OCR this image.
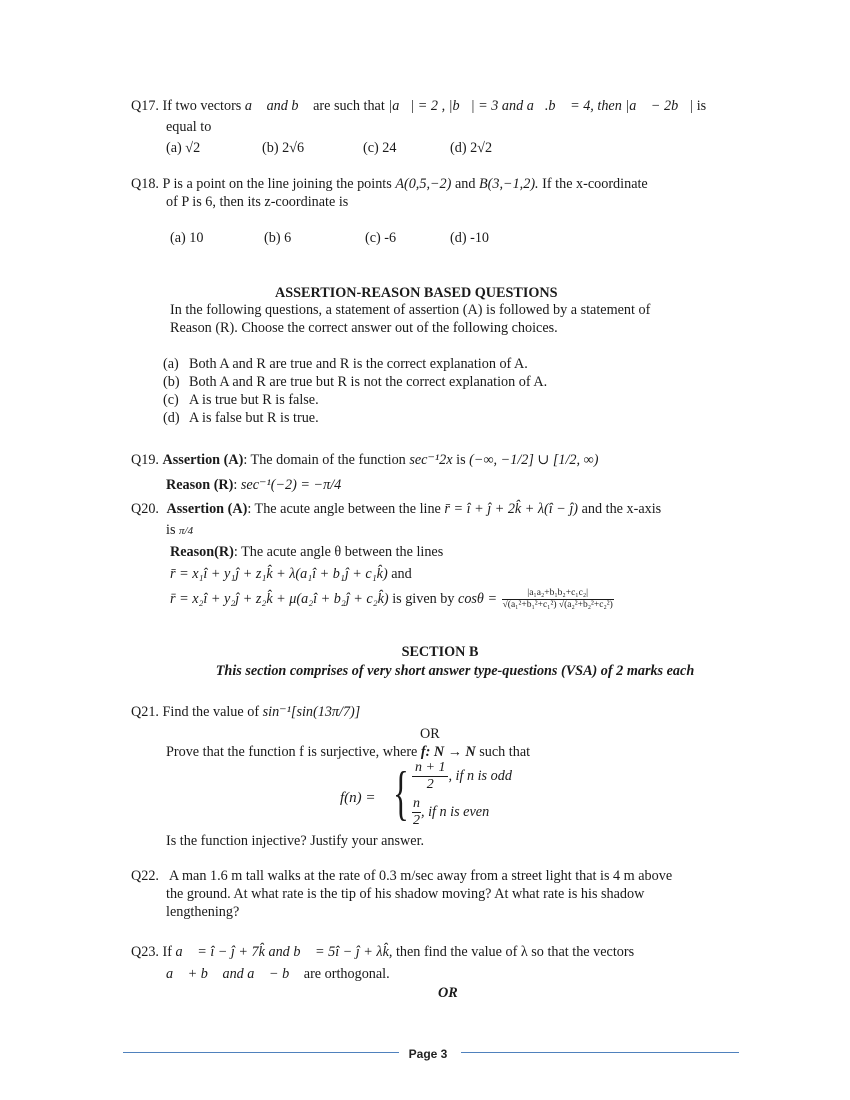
Q17. If two vectors a⃗ and b⃗ are such that |a⃗| = 2 , |b⃗| = 3 and a⃗.b⃗ = 4, then |a⃗ − 2b⃗| is
equal to
(a) √2	(b) 2√6	(c) 24	(d) 2√2
Q18. P is a point on the line joining the points A(0,5,−2) and B(3,−1,2). If the x-coordinate
of P is 6, then its z-coordinate is
(a) 10	(b) 6	(c) -6	(d) -10
ASSERTION-REASON BASED QUESTIONS
In the following questions, a statement of assertion (A) is followed by a statement of
Reason (R). Choose the correct answer out of the following choices.
(a) Both A and R are true and R is the correct explanation of A.
(b) Both A and R are true but R is not the correct explanation of A.
(c) A is true but R is false.
(d) A is false but R is true.
Q19. Assertion (A): The domain of the function sec⁻¹2x is (−∞, −1/2] ∪ [1/2, ∞)
Reason (R): sec⁻¹(−2) = −π/4
Q20. Assertion (A): The acute angle between the line r̄ = î + ĵ + 2k̂ + λ(î − ĵ) and the x-axis
is π/4
Reason(R): The acute angle θ between the lines
r̄ = x₁î + y₁ĵ + z₁k̂ + λ(a₁î + b₁ĵ + c₁k̂) and
r̄ = x₂î + y₂ĵ + z₂k̂ + μ(a₂î + b₂ĵ + c₂k̂) is given by $\cos\theta = \frac{\text{|a₁a₂+b₁b₂+c₁c₂|}}{\text{√(a₁²+b₁²+c₁²) √(a₂²+b₂²+c₂²)}}$
SECTION B
This section comprises of very short answer type-questions (VSA) of 2 marks each
Q21. Find the value of sin⁻¹[sin(13π/7)]
OR
Prove that the function f is surjective, where f: N → N such that
f(n) = { $\frac{n + 1}{2}$ , if n is odd
$\frac{n}{2}$ , if n is even
Is the function injective? Justify your answer.
Q22. A man 1.6 m tall walks at the rate of 0.3 m/sec away from a street light that is 4 m above
the ground. At what rate is the tip of his shadow moving? At what rate is his shadow
lengthening?
Q23. If a⃗ = î − ĵ + 7k̂ and b⃗ = 5î − ĵ + λk̂, then find the value of λ so that the vectors
a⃗ + b⃗ and a⃗ − b⃗ are orthogonal.
OR
Page 3
